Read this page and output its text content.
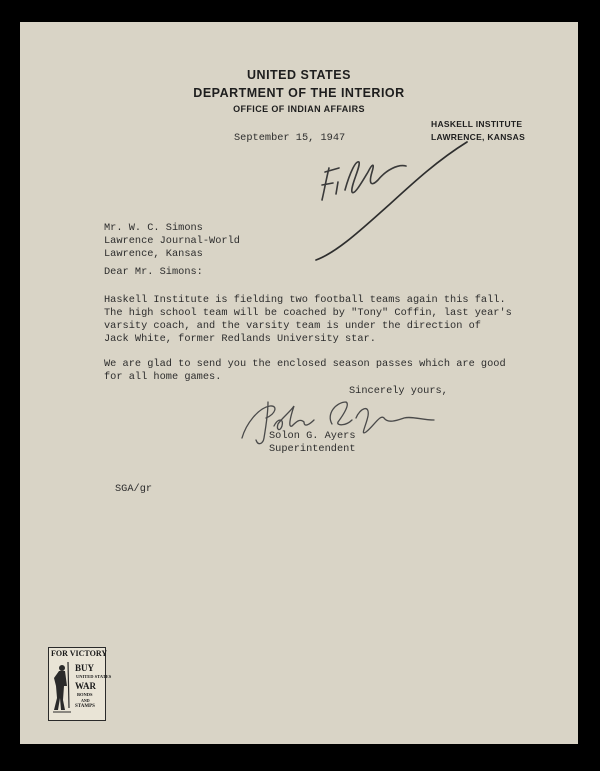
UNITED STATES
DEPARTMENT OF THE INTERIOR
OFFICE OF INDIAN AFFAIRS
HASKELL INSTITUTE
LAWRENCE, KANSAS
September 15, 1947
Mr. W. C. Simons
Lawrence Journal-World
Lawrence, Kansas
Dear Mr. Simons:
Haskell Institute is fielding two football teams again this fall.
The high school team will be coached by "Tony" Coffin, last year's
varsity coach, and the varsity team is under the direction of
Jack White, former Redlands University star.
We are glad to send you the enclosed season passes which are good
for all home games.
Sincerely yours,
Solon G. Ayers
Superintendent
SGA/gr
FOR VICTORY
BUY
UNITED STATES
WAR
BONDS
AND
STAMPS
